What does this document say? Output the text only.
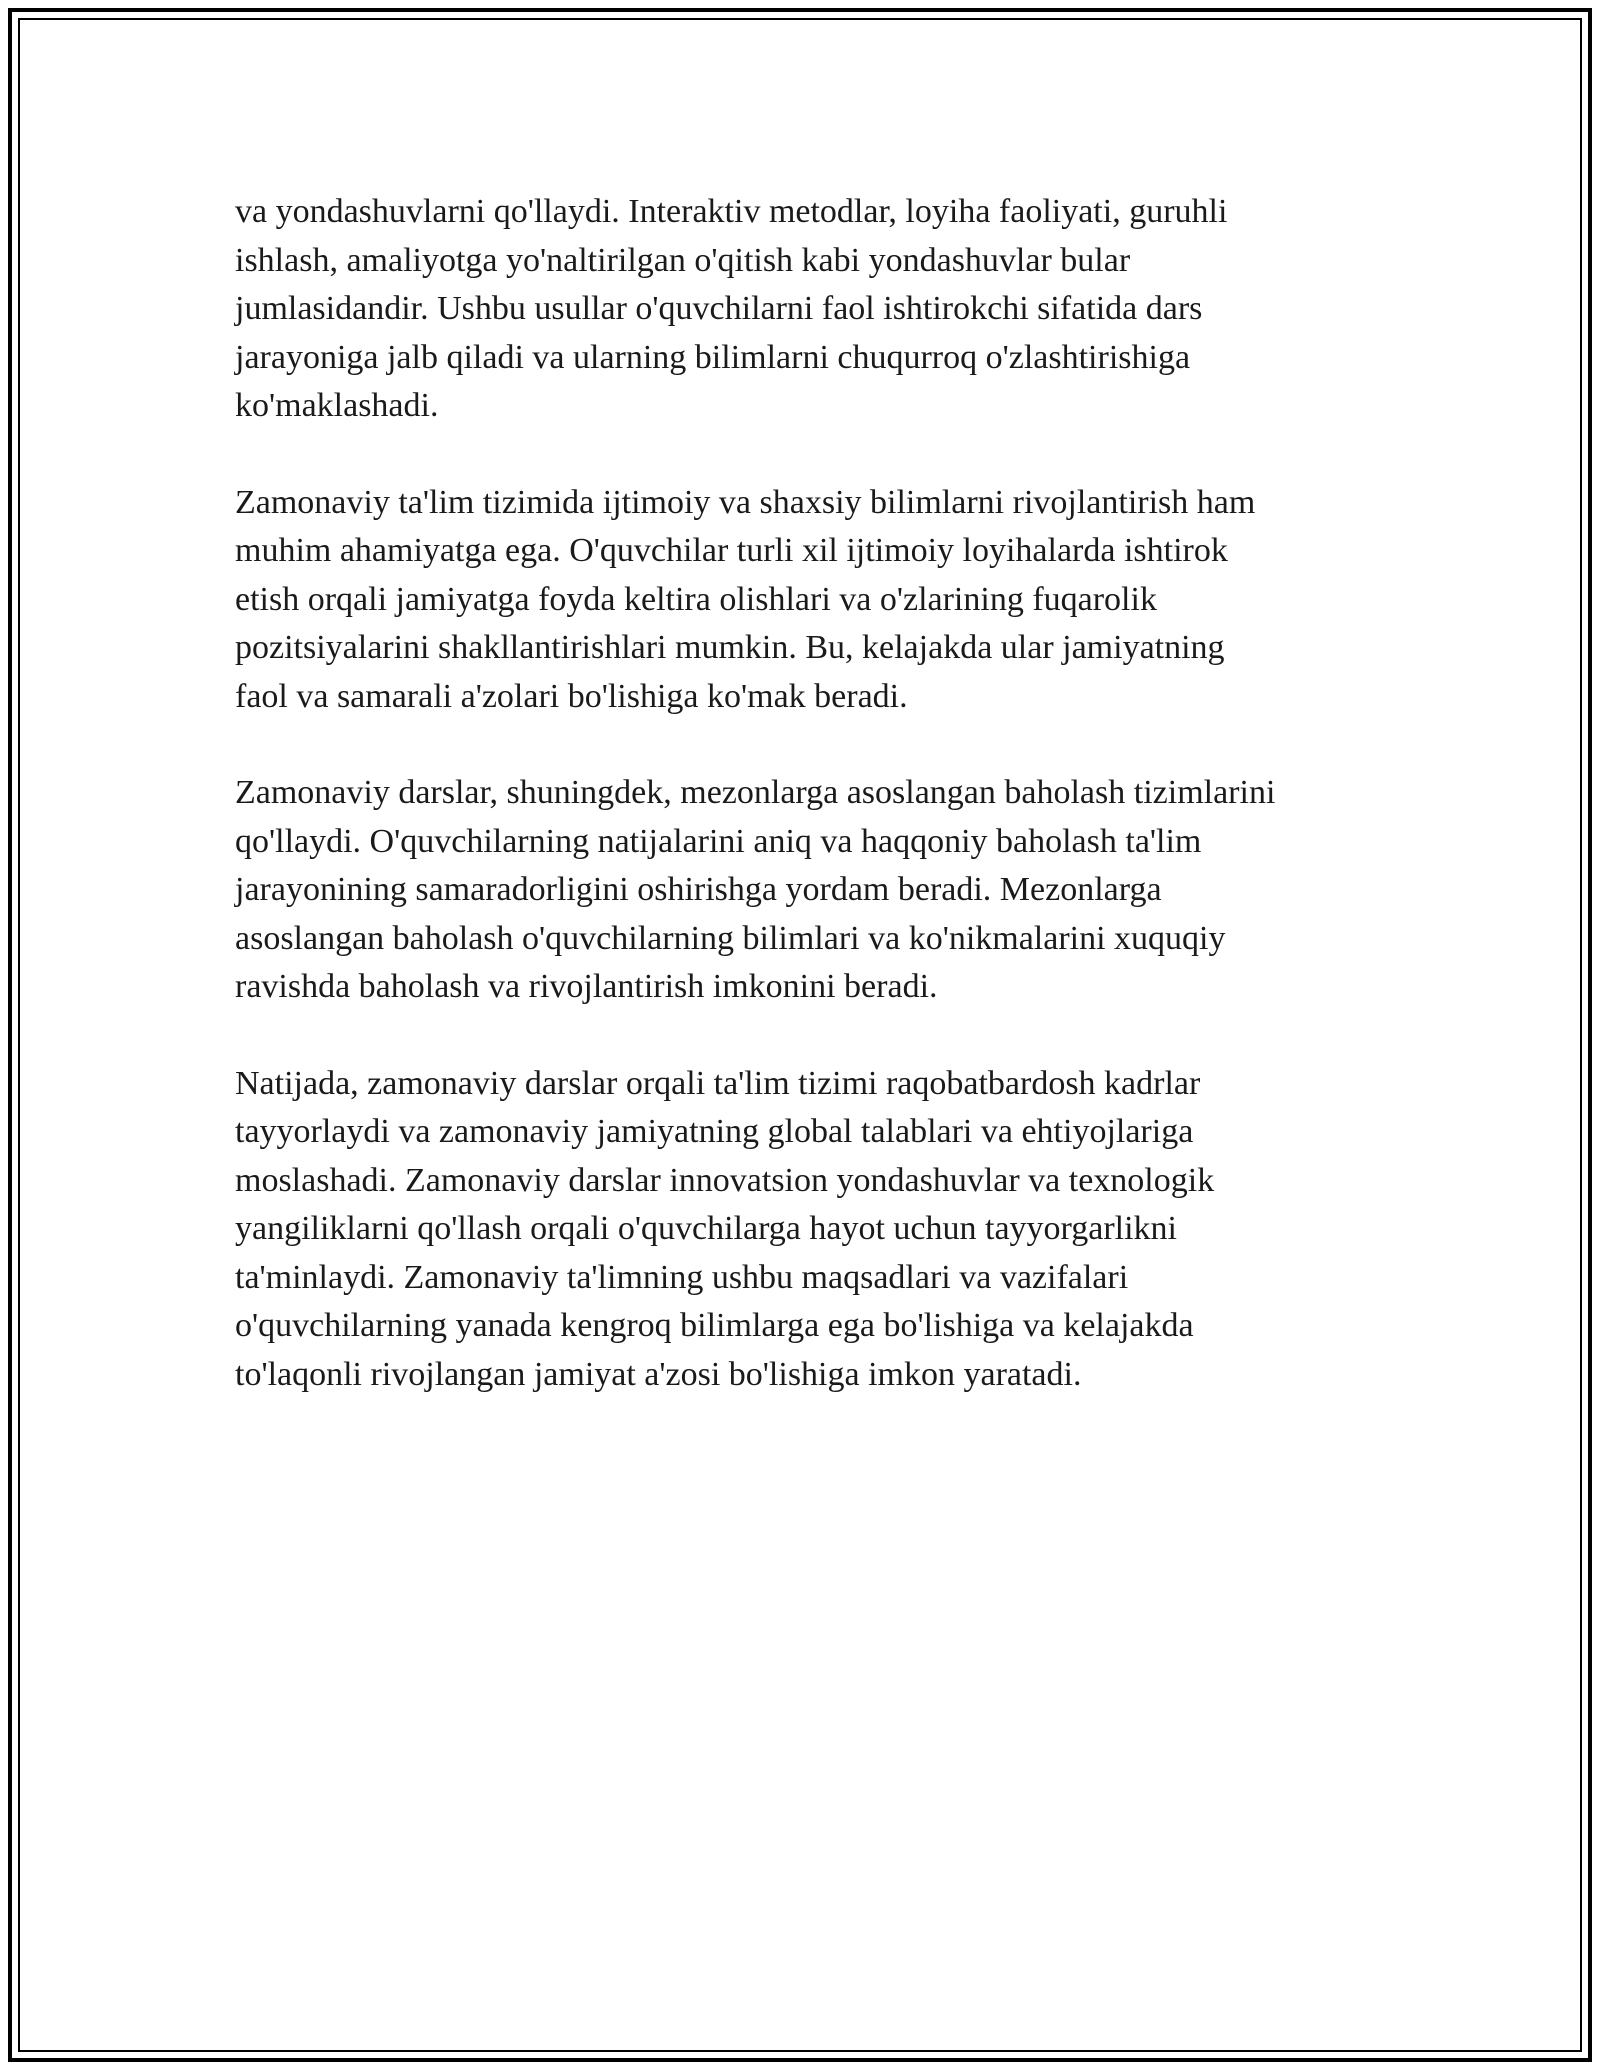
va yondashuvlarni qo'llaydi. Interaktiv metodlar, loyiha faoliyati, guruhli
ishlash, amaliyotga yo'naltirilgan o'qitish kabi yondashuvlar bular
jumlasidandir. Ushbu usullar o'quvchilarni faol ishtirokchi sifatida dars
jarayoniga jalb qiladi va ularning bilimlarni chuqurroq o'zlashtirishiga
ko'maklashadi.

Zamonaviy ta'lim tizimida ijtimoiy va shaxsiy bilimlarni rivojlantirish ham
muhim ahamiyatga ega. O'quvchilar turli xil ijtimoiy loyihalarda ishtirok
etish orqali jamiyatga foyda keltira olishlari va o'zlarining fuqarolik
pozitsiyalarini shakllantirishlari mumkin. Bu, kelajakda ular jamiyatning
faol va samarali a'zolari bo'lishiga ko'mak beradi.

Zamonaviy darslar, shuningdek, mezonlarga asoslangan baholash tizimlarini
qo'llaydi. O'quvchilarning natijalarini aniq va haqqoniy baholash ta'lim
jarayonining samaradorligini oshirishga yordam beradi. Mezonlarga
asoslangan baholash o'quvchilarning bilimlari va ko'nikmalarini xuquqiy
ravishda baholash va rivojlantirish imkonini beradi.

Natijada, zamonaviy darslar orqali ta'lim tizimi raqobatbardosh kadrlar
tayyorlaydi va zamonaviy jamiyatning global talablari va ehtiyojlariga
moslashadi. Zamonaviy darslar innovatsion yondashuvlar va texnologik
yangiliklarni qo'llash orqali o'quvchilarga hayot uchun tayyorgarlikni
ta'minlaydi. Zamonaviy ta'limning ushbu maqsadlari va vazifalari
o'quvchilarning yanada kengroq bilimlarga ega bo'lishiga va kelajakda
to'laqonli rivojlangan jamiyat a'zosi bo'lishiga imkon yaratadi.
